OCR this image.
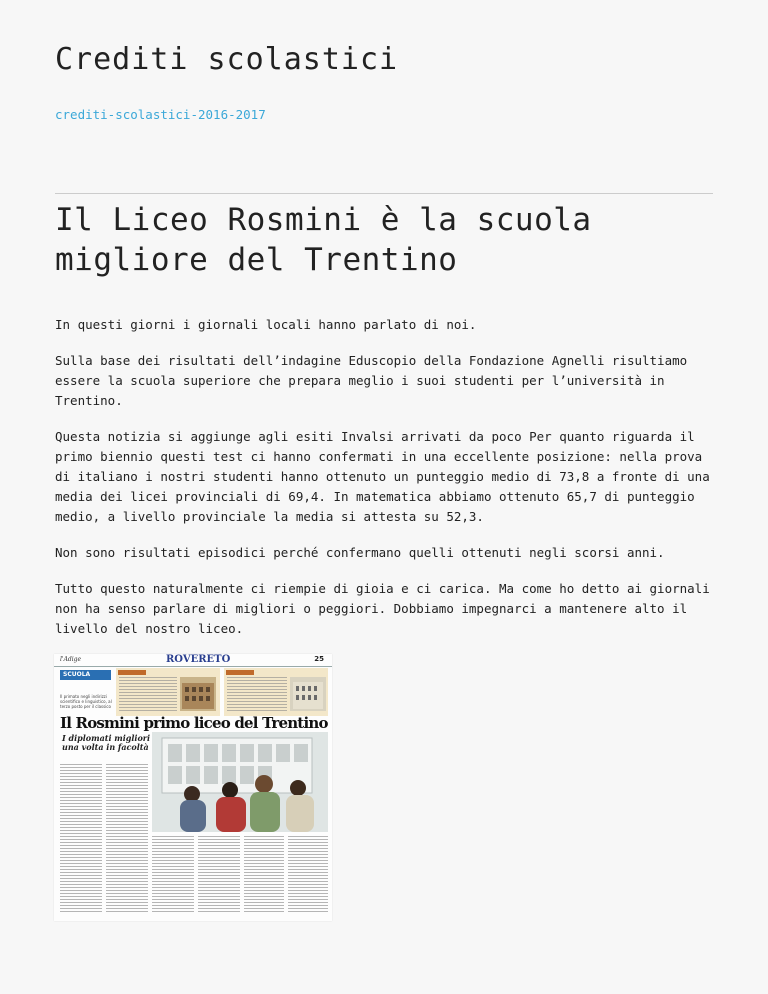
Crediti scolastici
crediti-scolastici-2016-2017
Il Liceo Rosmini è la scuola migliore del Trentino

In questi giorni i giornali locali hanno parlato di noi.

Sulla base dei risultati dell’indagine Eduscopio della Fondazione Agnelli risultiamo essere la scuola superiore che prepara meglio i suoi studenti per l’università in Trentino.

Questa notizia si aggiunge agli esiti Invalsi arrivati da poco Per quanto riguarda il primo biennio questi test ci hanno confermati in una eccellente posizione: nella prova di italiano i nostri studenti hanno ottenuto un punteggio medio di 73,8 a fronte di una media dei licei provinciali di 69,4. In matematica abbiamo ottenuto 65,7 di punteggio medio, a livello provinciale la media si attesta su 52,3.

Non sono risultati episodici perché confermano quelli ottenuti negli scorsi anni.

Tutto questo naturalmente ci riempie di gioia e ci carica. Ma come ho detto ai giornali non ha senso parlare di migliori o peggiori. Dobbiamo impegnarci a mantenere alto il livello del nostro liceo.

l'Adige	ROVERETO	25
SCUOLA
Il primato negli indirizzi scientifico e linguistico, al terzo posto per il classico
Il Rosmini primo liceo del Trentino
I diplomati migliori una volta in facoltà
